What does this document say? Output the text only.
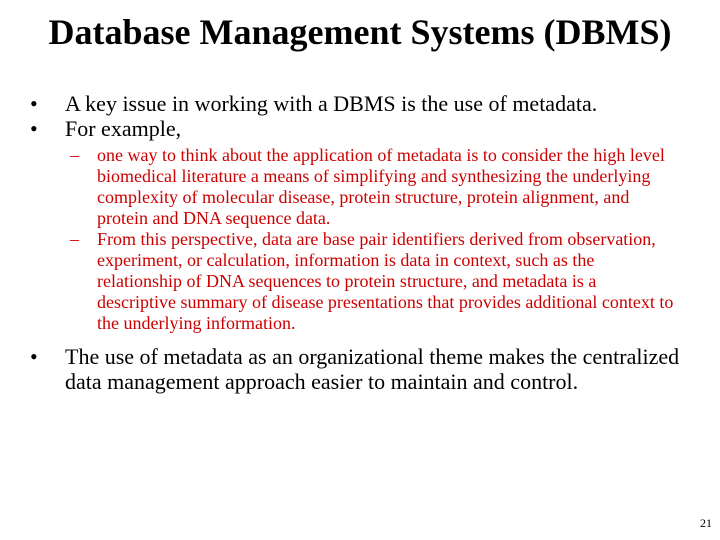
Database Management Systems (DBMS)
•	A key issue in working with a DBMS is the use of metadata.
•	For example,
– one way to think about the application of metadata is to consider the high level biomedical literature a means of simplifying and synthesizing the underlying complexity of molecular disease, protein structure, protein alignment, and protein and DNA sequence data.
– From this perspective, data are base pair identifiers derived from observation, experiment, or calculation, information is data in context, such as the relationship of DNA sequences to protein structure, and metadata is a descriptive summary of disease presentations that provides additional context to the underlying information.
•	The use of metadata as an organizational theme makes the centralized data management approach easier to maintain and control.
21
